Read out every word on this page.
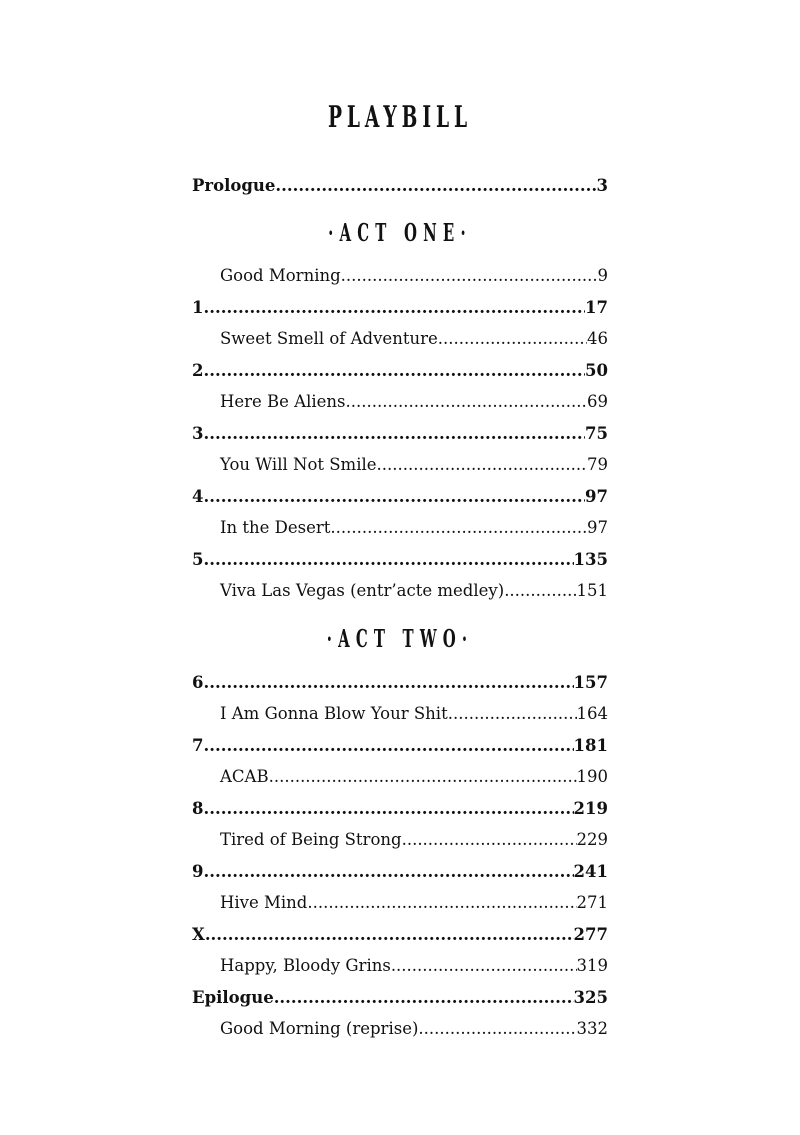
PLAYBILL
Prologue .....	3
·ACT ONE·
Good Morning .....	9
1 .....	17
Sweet Smell of Adventure .....	46
2 .....	50
Here Be Aliens .....	69
3 .....	75
You Will Not Smile .....	79
4 .....	97
In the Desert .....	97
5 .....	135
Viva Las Vegas (entr’acte medley) .....	151
·ACT TWO·
6 .....	157
I Am Gonna Blow Your Shit .....	164
7 .....	181
ACAB .....	190
8 .....	219
Tired of Being Strong .....	229
9 .....	241
Hive Mind .....	271
X .....	277
Happy, Bloody Grins .....	319
Epilogue .....	325
Good Morning (reprise) .....	332
